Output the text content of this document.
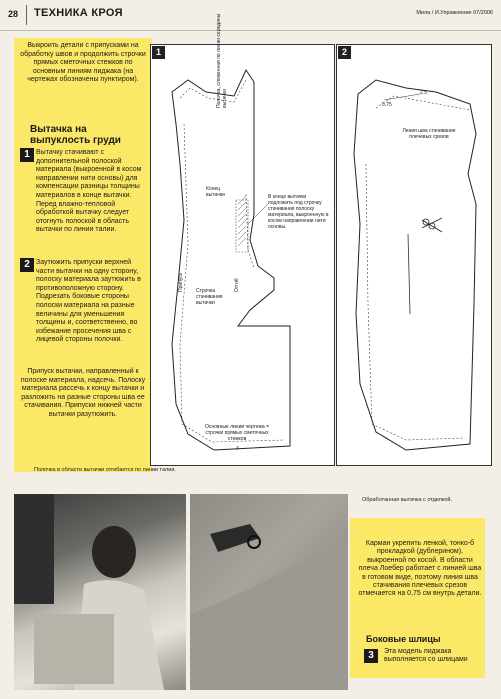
28 ТЕХНИКА КРОЯ	Мила / И.Упражнение 07/2006
Выкроить детали с припусками на обработку швов и продолжить строчки прямых сметочных стежков по основным линиям пиджака (на чертежах обозначены пунктиром).
Вытачка на
выпуклость груди
1 Вытачку стачивают с дополнительной полоской материала (выкроенной в косом направлении нити основы) для компенсации разницы толщины материалов в конце вытачки. Перед влажно-тепловой обработкой вытачку следует отогнуть полоской в область вытачки по линии талии.
2 Заутюжить припуски верхней части вытачки на одну сторону, полоску материала заутюжить в противоположную сторону. Подрезать боковые стороны полоски материала на разные величины для уменьшения толщины и, соответственно, во избежание просечения шва с лицевой стороны полочки.
Припуск вытачки, направленный к полоске материала, надсечь. Полоску материала рассечь к концу вытачки и разложить на разные стороны шва ее стачивания. Припуски нижней части вытачки разутюжить.
1	Полочка, сложенная по линии середины вытачки
Конец вытачки	В конце вытачки подложить под строчку стачивания полоску материала, выкроенную в косом направлении нити основы.
Припуск	Отгиб
Строчка стачивания вытачки
Основные линии чертежа = строчки прямых сметочных стежков
4
2
2.5
0,75
Линия шва стачивания плечевых срезов
Полочка в области вытачки отгибается по линии талии.
Обработанная вытачка с отделкой.
Карман укрепить ленкой, тонко-б прокладкой (дублерином), выкроенной по косой. В области плеча Лоебер работает с линией шва в готовом виде, поэтому линия шва стачивания плечевых срезов отмечается на 0,75 см внутрь детали.
Боковые шлицы
3	Эта модель пиджака выполняется со шлицами
